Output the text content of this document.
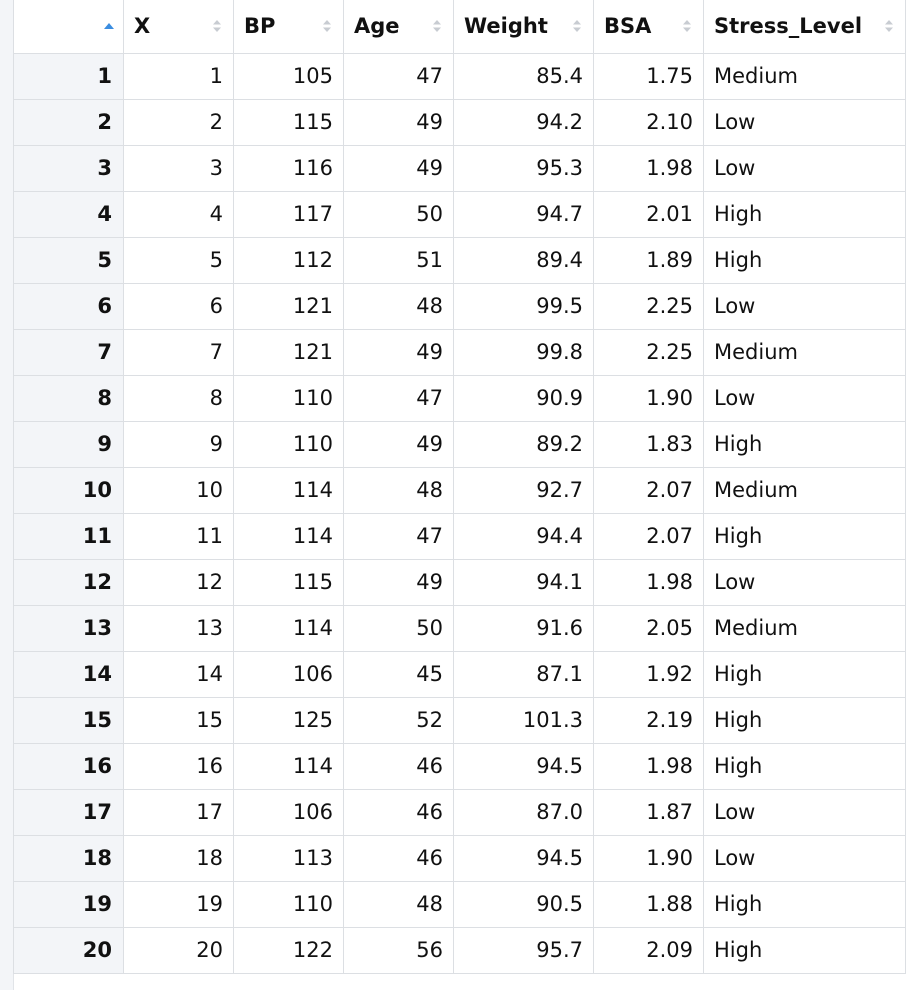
	X	BP	Age	Weight	BSA	Stress_Level

1	1	105	47	85.4	1.75	Medium
2	2	115	49	94.2	2.10	Low
3	3	116	49	95.3	1.98	Low
4	4	117	50	94.7	2.01	High
5	5	112	51	89.4	1.89	High
6	6	121	48	99.5	2.25	Low
7	7	121	49	99.8	2.25	Medium
8	8	110	47	90.9	1.90	Low
9	9	110	49	89.2	1.83	High
10	10	114	48	92.7	2.07	Medium
11	11	114	47	94.4	2.07	High
12	12	115	49	94.1	1.98	Low
13	13	114	50	91.6	2.05	Medium
14	14	106	45	87.1	1.92	High
15	15	125	52	101.3	2.19	High
16	16	114	46	94.5	1.98	High
17	17	106	46	87.0	1.87	Low
18	18	113	46	94.5	1.90	Low
19	19	110	48	90.5	1.88	High
20	20	122	56	95.7	2.09	High
